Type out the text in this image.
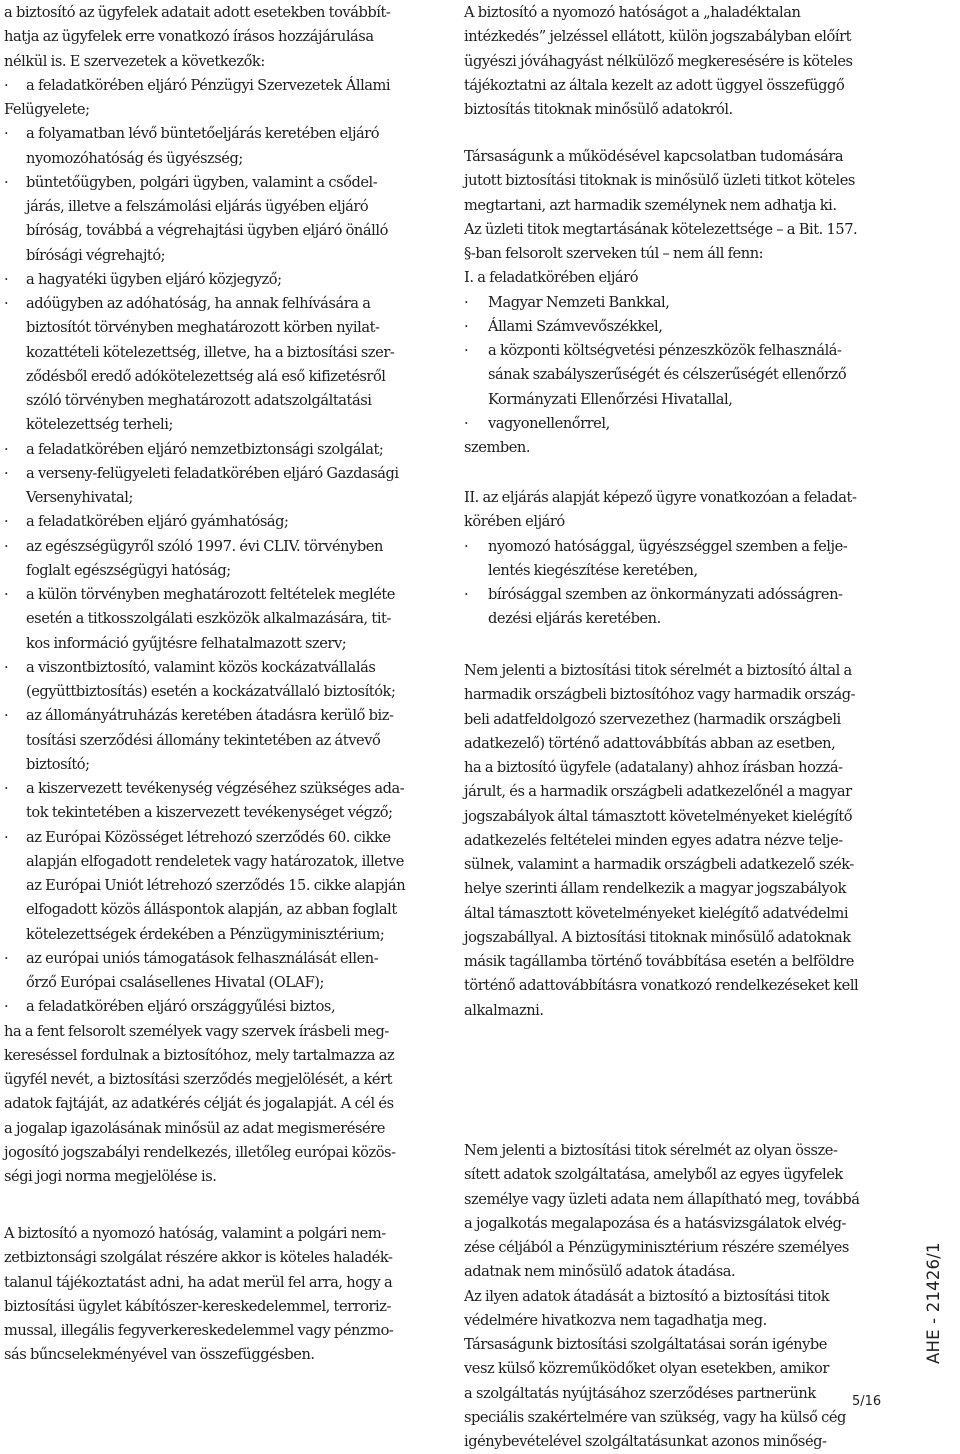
a biztosító az ügyfelek adatait adott esetekben továbbít-
hatja az ügyfelek erre vonatkozó írásos hozzájárulása
nélkül is. E szervezetek a következők:
· a feladatkörében eljáró Pénzügyi Szervezetek Állami
Felügyelete;
· a folyamatban lévő büntetőeljárás keretében eljáró
nyomozóhatóság és ügyészség;
· büntetőügyben, polgári ügyben, valamint a csődel-
járás, illetve a felszámolási eljárás ügyében eljáró
bíróság, továbbá a végrehajtási ügyben eljáró önálló
bírósági végrehajtó;
· a hagyatéki ügyben eljáró közjegyző;
· adóügyben az adóhatóság, ha annak felhívására a
biztosítót törvényben meghatározott körben nyilat-
kozattételi kötelezettség, illetve, ha a biztosítási szer-
ződésből eredő adókötelezettség alá eső kifizetésről
szóló törvényben meghatározott adatszolgáltatási
kötelezettség terheli;
· a feladatkörében eljáró nemzetbiztonsági szolgálat;
· a verseny-felügyeleti feladatkörében eljáró Gazdasági
Versenyhivatal;
· a feladatkörében eljáró gyámhatóság;
· az egészségügyről szóló 1997. évi CLIV. törvényben
foglalt egészségügyi hatóság;
· a külön törvényben meghatározott feltételek megléte
esetén a titkosszolgálati eszközök alkalmazására, tit-
kos információ gyűjtésre felhatalmazott szerv;
· a viszontbiztosító, valamint közös kockázatvállalás
(együttbiztosítás) esetén a kockázatvállaló biztosítók;
· az állományátruházás keretében átadásra kerülő biz-
tosítási szerződési állomány tekintetében az átvevő
biztosító;
· a kiszervezett tevékenység végzéséhez szükséges ada-
tok tekintetében a kiszervezett tevékenységet végző;
· az Európai Közösséget létrehozó szerződés 60. cikke
alapján elfogadott rendeletek vagy határozatok, illetve
az Európai Uniót létrehozó szerződés 15. cikke alapján
elfogadott közös álláspontok alapján, az abban foglalt
kötelezettségek érdekében a Pénzügyminisztérium;
· az európai uniós támogatások felhasználását ellen-
őrző Európai csalásellenes Hivatal (OLAF);
· a feladatkörében eljáró országgyűlési biztos,
ha a fent felsorolt személyek vagy szervek írásbeli meg-
kereséssel fordulnak a biztosítóhoz, mely tartalmazza az
ügyfél nevét, a biztosítási szerződés megjelölését, a kért
adatok fajtáját, az adatkérés célját és jogalapját. A cél és
a jogalap igazolásának minősül az adat megismerésére
jogosító jogszabályi rendelkezés, illetőleg európai közös-
ségi jogi norma megjelölése is.
A biztosító a nyomozó hatóság, valamint a polgári nem-
zetbiztonsági szolgálat részére akkor is köteles haladék-
talanul tájékoztatást adni, ha adat merül fel arra, hogy a
biztosítási ügylet kábítószer-kereskedelemmel, terroriz-
mussal, illegális fegyverkereskedelemmel vagy pénzmo-
sás bűncselekményével van összefüggésben.
A biztosító a nyomozó hatóságot a „haladéktalan
intézkedés” jelzéssel ellátott, külön jogszabályban előírt
ügyészi jóváhagyást nélkülöző megkeresésére is köteles
tájékoztatni az általa kezelt az adott üggyel összefüggő
biztosítás titoknak minősülő adatokról.
Társaságunk a működésével kapcsolatban tudomására
jutott biztosítási titoknak is minősülő üzleti titkot köteles
megtartani, azt harmadik személynek nem adhatja ki.
Az üzleti titok megtartásának kötelezettsége – a Bit. 157.
§-ban felsorolt szerveken túl – nem áll fenn:
I. a feladatkörében eljáró
· Magyar Nemzeti Bankkal,
· Állami Számvevőszékkel,
· a központi költségvetési pénzeszközök felhasználá-
sának szabályszerűségét és célszerűségét ellenőrző
Kormányzati Ellenőrzési Hivatallal,
· vagyonellenőrrel,
szemben.
II. az eljárás alapját képező ügyre vonatkozóan a feladat-
körében eljáró
· nyomozó hatósággal, ügyészséggel szemben a felje-
lentés kiegészítése keretében,
· bírósággal szemben az önkormányzati adósságren-
dezési eljárás keretében.
Nem jelenti a biztosítási titok sérelmét a biztosító által a
harmadik országbeli biztosítóhoz vagy harmadik ország-
beli adatfeldolgozó szervezethez (harmadik országbeli
adatkezelő) történő adattovábbítás abban az esetben,
ha a biztosító ügyfele (adatalany) ahhoz írásban hozzá-
járult, és a harmadik országbeli adatkezelőnél a magyar
jogszabályok által támasztott követelményeket kielégítő
adatkezelés feltételei minden egyes adatra nézve telje-
sülnek, valamint a harmadik országbeli adatkezelő szék-
helye szerinti állam rendelkezik a magyar jogszabályok
által támasztott követelményeket kielégítő adatvédelmi
jogszabállyal. A biztosítási titoknak minősülő adatoknak
másik tagállamba történő továbbítása esetén a belföldre
történő adattovábbításra vonatkozó rendelkezéseket kell
alkalmazni.
Nem jelenti a biztosítási titok sérelmét az olyan össze-
sített adatok szolgáltatása, amelyből az egyes ügyfelek
személye vagy üzleti adata nem állapítható meg, továbbá
a jogalkotás megalapozása és a hatásvizsgálatok elvég-
zése céljából a Pénzügyminisztérium részére személyes
adatnak nem minősülő adatok átadása.
Az ilyen adatok átadását a biztosító a biztosítási titok
védelmére hivatkozva nem tagadhatja meg.
Társaságunk biztosítási szolgáltatásai során igénybe
vesz külső közreműködőket olyan esetekben, amikor
a szolgáltatás nyújtásához szerződéses partnerünk
speciális szakértelmére van szükség, vagy ha külső cég
igénybevételével szolgáltatásunkat azonos minőség-
AHE - 21426/1
5/16
